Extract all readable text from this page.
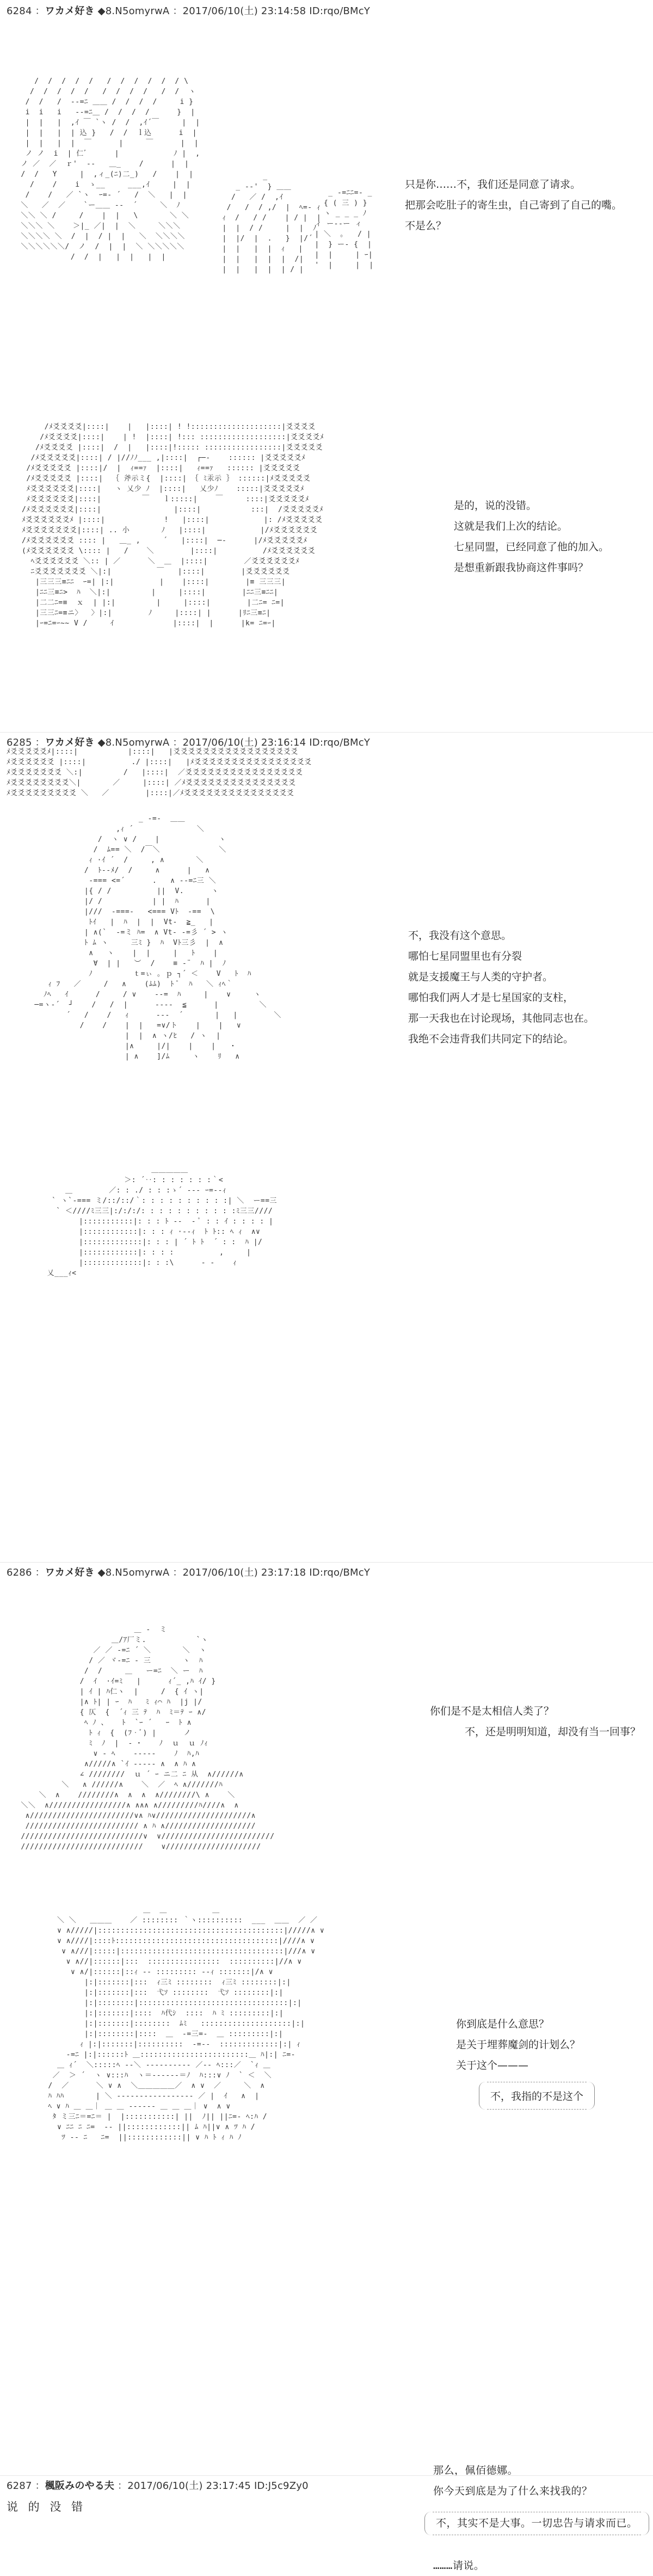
6284 ：ワカメ好き ◆8.N5omyrwA ：2017/06/10(土) 23:14:58 ID:rqo/BMcY
/  /  /  /  /   /  /  /  /  /  / \
/  /  /  /  /   /  /  /  /   /  /  ヽ
/  /   /  ‐-=ﾆ ＿＿ /  /  /  /     i }
i  i   i   -‐=ﾆ＿ /  /  /  /      }  |
|  |   |  ,ｲ ￣ `ヽ /  /  ,ｲ´￣     |  |
|  |   |  | 込 }   /  /  ｌ込      i  |
|  |   |  |  ￣      |     ￣      |  |
ノ ノ  i  | 仁ﾞ      |            ﾉ |  ,
ノ ／  ／  ｒ'  ‐-   ＿_    /      |  |
/  /   Y     |  ,ィ_(ﾆ)二_)   /    |  |
/    /    i  ゝ__     ___,ｲ     |  |
/    /   ／ `ヽ  ｰ=‐ ´   /  ＼   |  |
＼   ／  ／    `ー＿＿ ‐-  ´     ＼  ﾉ
＼＼ ＼ /     /    |  |   \       ＼ ＼
＼＼＼ ＼    ＞|_ ／|  |  ＼     ＼＼＼
＼＼＼＼ ＼  /  |  / |  |   ＼  ＼＼＼＼
＼＼＼＼＼＼/  ノ  /  |  |  ＼ ＼＼＼＼＼
/  /  |   |  |   |  |
_
_ -‐'  } ＿＿
/   ／ /  ,ｲ
/   /  / ,/  |  ﾍ=‐ ｨ
ｨ  /   / /    | / |  |
|  |  / /     |  |  ﾉ
|  |/  |  .   }  |/´
|  |   |  |  ｨ   |
|  |   |  |  |  /|
|  |   |  |  | / |
_ ‐=ﾆﾆ=‐ _
{ ( 三 ) }
ヽ _ _ _ ﾉ
ィ ー‐‐ー ィ
| ＼  ｡   / |
|  } ー‐ {  |
|  |     | ｰ|
'  |     |  |
只是你……不，我们还是同意了请求。
把那会吃肚子的寄生虫，自己寄到了自己的嘴。
不是么？
/ﾒ爻爻爻爻|::::|    |   |::::| ! !::::::::::::::::::::|爻爻爻爻
/ﾒ爻爻爻爻|::::|    | !  |::::| !::: :::::::::::::::::::|爻爻爻爻ﾒ
/ﾒ爻爻爻爻 |::::|  /  |   |::::|!::::: :::::::::::::::::|爻爻爻爻爻
/ﾒ爻爻爻爻爻|::::| / |//ﾉﾉ___ ,|::::|  ┌─‐    :::::: |爻爻爻爻爻ﾒ
/ﾒ爻爻爻爻爻 |::::|/  |  ｨ==ｧ  |::::|   ｨ==ｧ   :::::: |爻爻爻爻爻
/ﾒ爻爻爻爻爻 |::::|  ｛ 斧示ミ{  |::::| ｛ ﾐ汞示 ｝ ::::::|ﾒ爻爻爻爻爻
ﾒ爻爻爻爻爻爻|::::|   ヽ 乂少 ﾉ  |::::|   乂少ﾉ    :::::|爻爻爻爻爻ﾒ
ﾒ爻爻爻爻爻爻|::::|         ￣   ｌ:::::|    ￣     ::::|爻爻爻爻爻ﾒ
/ﾒ爻爻爻爻爻爻|::::|                |::::|           :::|  /爻爻爻爻爻ﾒ
ﾒ爻爻爻爻爻爻ﾒ |::::|             !   |::::|            |: /ﾒ爻爻爻爻爻
ﾒ爻爻爻爻爻爻爻|::::| .. 小       ﾉ   |::::|            |/ﾒ爻爻爻爻爻爻
/ﾒ爻爻爻爻爻爻 :::: |   ＿_ ,     ´   |::::|  ─-      |/ﾒ爻爻爻爻爻ﾒ
(ﾒ爻爻爻爻爻爻 \:::: |   /    ＼        |::::|          /ﾒ爻爻爻爻爻爻
ﾍ爻爻爻爻爻爻 ＼:: | ／      ＼  ＿  |::::|        ／爻爻爻爻爻爻ﾒ
ﾆ爻爻爻爻爻爻爻 ＼|:|          ￣   |::::|        |爻爻爻爻爻爻
|三三三≡ﾆﾆ  ｰ=| |:|          |    |::::|        |≡ 三三三|
|ﾆﾆ三≡ﾆ>  ﾊ  ＼|:|         |     |::::|        |ﾆﾆ三≡ﾆﾆ|
|二二ﾆ=≡  ｘ  | |:|         |     |::::|        |二ﾆ= ﾆ=|
|三三ﾆ=≡ニ〉  〉|:|        ﾉ     |::::| |      |ﾘﾆ三≡ﾆ|
|ｰ=ﾆ=ｰ~~ V /     ｲ             |::::|  |      |k= ﾆ=ｰ|
是的，说的没错。
这就是我们上次的结论。
七星同盟，已经同意了他的加入。
是想重新跟我协商这件事吗？
6285 ：ワカメ好き ◆8.N5omyrwA ：2017/06/10(土) 23:16:14 ID:rqo/BMcY
ﾒ爻爻爻爻爻ﾒ|::::|           |::::|   |爻爻爻爻爻爻爻爻爻爻爻爻爻爻爻爻爻
ﾒ爻爻爻爻爻爻 |::::|          ./ |::::|   |ﾒ爻爻爻爻爻爻爻爻爻爻爻爻爻爻爻爻
ﾒ爻爻爻爻爻爻爻 ＼:|         /   |::::|  ／爻爻爻爻爻爻爻爻爻爻爻爻爻爻爻爻
ﾒ爻爻爻爻爻爻爻爻＼|       ／     |::::| ／ﾒ爻爻爻爻爻爻爻爻爻爻爻爻爻爻爻
ﾒ爻爻爻爻爻爻爻爻爻 ＼   ／        |::::|／ﾒ爻爻爻爻爻爻爻爻爻爻爻爻爻爻爻
_ -=‐  ＿＿
,ｨ ´              ＼
/  ヽ ∨ /    |             ヽ
/  ﾑ== ＼  /￣＼             ＼
ｨ ·ｲ ´  /     , ∧       ＼
/  ﾄ--ﾒ/  /     ∧      |   ∧
‐=== <=´      .   ∧ ‐-=ﾆ三 ＼
|{ / /          ||  V.      ヽ
|/ /           | |  ﾊ      |
|///  ‐===‐   <=== Vﾄ  ‐==  \
ﾄｲ   |  ﾊ  |  |  Vt-  ≧_   |
| ∧(`  ‐=ミ ﾊ=  ∧ Vt- ‐=彡 ´ > ヽ
ﾄ ﾑ ヽ     三ﾐ }  ﾊ  Vﾄ三彡  |  ∧
∧   ヽ    |  |     |   ﾄ    |
∀  | |   ︶  /    ≡ -¨  ﾊ |  ﾉ
ﾉ         ｔ=ぃ ｡ ｐ ┐´ ＜    V   ﾄ  ﾊ
ｨ ﾌ   ／     /   ∧    (ﾑﾑ)  ﾄ ﾟ  ﾊ   ＼ ｨﾍ｀
ﾉﾍ   ｲ      /     / ∨    ‐-=  ﾊ     |    ∨     ヽ
─=ヽ‐´  ┘    /   /  |      ‐‐--  ≦      |         ＼
´   /    /   ｨ      ‐-‐  ´       |   |        ＼
/    /    |  |   =∨/ト    |    |   ∨
|  |  ∧ ヽ/ﾋ   / ヽ  |
|∧     |/|    |    |   ・
| ∧    ]/ﾑ     ヽ    ﾘ   ∧
不，我没有这个意思。
哪怕七星同盟里也有分裂
就是支援魔王与人类的守护者。
哪怕我们两人才是七星国家的支柱，
那一天我也在讨论现场，其他同志也在。
我绝不会违背我们共同定下的结论。
＿＿＿＿＿
＞: ´‥: : : : : : :｀<
＿        ／: : ./ : : :ゝ´ ‐‐‐ ｰ=‐-ｨ
` ヽ`‐=== ミ/::/::/｀: : : : : : : : : :| ＼  ー==三
` ＜////ﾐ三三|:/:/:/: : : : : : : : : : :ﾐ三三////
|:::::::::::|: : : ﾄ -‐  ‐ ﾟ : : ｲ : : : : |
|::::::::::::|: : : ｨ ·-‐ｨ  ﾄ ﾄ:: ﾍ ｨ  ∧∨
|:::::::::::::|: : : | ´ ﾄ ﾄ  ´ : :  ﾊ |/
|::::::::::::|: : : :          ,     |
|:::::::::::::|: : :\      ‐ ‐    ｨ
乂___ｨ<

那么，佩佰德娜。
你今天到底是为了什么来找我的？

不，其实不是大事。一切忠告与请求而已。

………请说。

6286 ：ワカメ好き ◆8.N5omyrwA ：2017/06/10(土) 23:17:18 ID:rqo/BMcY
＿ -  ミ
＿/ｱ厂ミ.           `ヽ
／ ／ ‐=ﾆ ´ ＼       ＼  ヽ
/ ／ ヾ-=ﾆ - 三       ヽ  ﾊ
/  /     ＿   ー=ﾆ  ＼ ー  ﾊ
/  ｲ  ·ｲ=ﾐ   |      ｨ´_ ,ﾊ ｲ/ }
| ｲ | ﾊ仁ヽ  |     /  { ｲ ヽ|
|∧ ﾄ| | ｰ  ﾊ   ﾐ ｨ⌒ ﾊ  |j |/
{ 仄  {  ´ｨ 三 ﾃ  ﾊ  ﾐ＝ﾃ ｰ ∧/
ﾍ ﾉ 、   ﾄ  `ｰ ´   ｰ  ﾄ ∧
ﾄ ｨ  {  (ﾌ•ﾞ) |      ノ
ﾐ  ﾉ  |  ‐ ･    ﾉ  ｕ  ｕ ﾉｨ
∨ ‐ ﾍ    ‐‐‐-‐    ﾉ  ﾊ,ﾊ
∧/////∧ `ｲ ‐‐‐‐‐ ∧  ∧ ﾊ ∧
∠ ////////  ｕ ´ ｰ ニ二 ﾆ 从  ∧//////∧
＼   ∧ //////∧    ＼  ／  ﾍ ∧///////ﾊ
＼  ∧    ////////∧  ∧  ∧  ∧////////\ ∧    ＼
＼＼  ∧/////////////////∧ ∧∧∧ ∧/////////ﾊ////∧  ∧
∧///////////////////////∨∧ ﾊ∨/////////////////////∧
///////////////////////// ∧ ﾊ ∧////////////////////
///////////////////////////∨  ∨/////////////////////////
///////////////////////////    ∨/////////////////////
你们是不是太相信人类了？
不，还是明明知道，却没有当一回事？
＿  ＿          ＿
＼ ＼   ＿＿＿    ／ :::::::: ｀ヽ::::::::::  ___  ＿＿  ／ ／
∨ ∧/////|:::::::::::::::::::::::::::::::::::::::::|/////∧ ∨
∨ ∧////|::::ﾄ::::::::::::::::::::::::::::::::::::|////∧ ∨
∨ ∧///|:::::|::::::::::::::::::::::::::::::::::::|///∧ ∨
∨ ∧//|::::::|:::  ::::::::::::::::  ::::::::::|//∧ ∨
∨ ∧/|::::::|::ｨ ‐- ::::::::: -‐ｨ :::::::|/∧ ∨
|:|:::::::|:::  ｨ三ﾐ ::::::::  ｨ三ﾐ ::::::::|:|
|:|:::::::|:::  弋ｿ ::::::::  弋ｿ ::::::::|:|
|:|::::::::|:::::::::::::::::::::::::::::::::|:|
|:|:::::::|::::  ﾊ代ｼ  ::::  ﾊ ﾐ :::::::::|:|
|:|:::::::|::::::::  ﾑﾐ   ::::::::::::::::::::|:|
|:|::::::::|::::  ＿  ‐=三=‐  ＿ :::::::::|:|
ｨ |:|:::::::|::::::::::  ‐=‐‐  :::::::::::::|:| ｨ
‐=ﾆ |:|::::::ﾄ ＿::::::::::::::::::::::::＿ ﾊ|:| ﾆ=‐
＿ ｨ´  ＼:::::ﾍ ‐‐＼ ‐‐‐‐‐‐‐‐‐‐ ／‐‐ ﾍ:::／  `ｨ ＿
／  ＞ ´  ヽ ∨:::ﾊ  ヽ＝‐‐‐‐‐‐＝ﾉ  ﾊ:::∨ ﾉ  ` ＜  ＼
/  ／      ＼ ∨ ∧  ＼＿＿＿＿＿／  ∧ ∨  ／     ＼  ∧
ﾊ ﾊﾊ       | ＼ ‐‐‐‐‐‐‐‐‐‐‐‐‐‐‐‐‐ ／ |  ｲ   ∧  |
ﾍ ∨ ﾊ ＿ ＿｜ ＿ ＿ ‐‐‐‐‐‐ ＿ ＿ ＿｜ ∨  ∧ ∨
ﾀ ミ三ﾆ＝=ﾆ＝ |  |:::::::::::| ||  ﾉ|| ||ﾆ=‐ ﾍ:ﾊ /
∨ ﾆﾆ ﾆ ﾆ=  ‐‐ ||::::::::::::|| ﾑ ﾊ||∨ ∧ ﾂ ﾊ /
ﾂ ‐‐ ﾆ   ﾆ=  ||::::::::::::|| ∨ ﾊ ﾄ ｨ ﾊ ﾉ
你到底是什么意思？
是关于埋葬魔剑的计划么？
关于这个———
不，我指的不是这个
6287 ：楓阪みのやる夫 ：2017/06/10(土) 23:17:45 ID:J5c9Zy0
说 的 没 错
